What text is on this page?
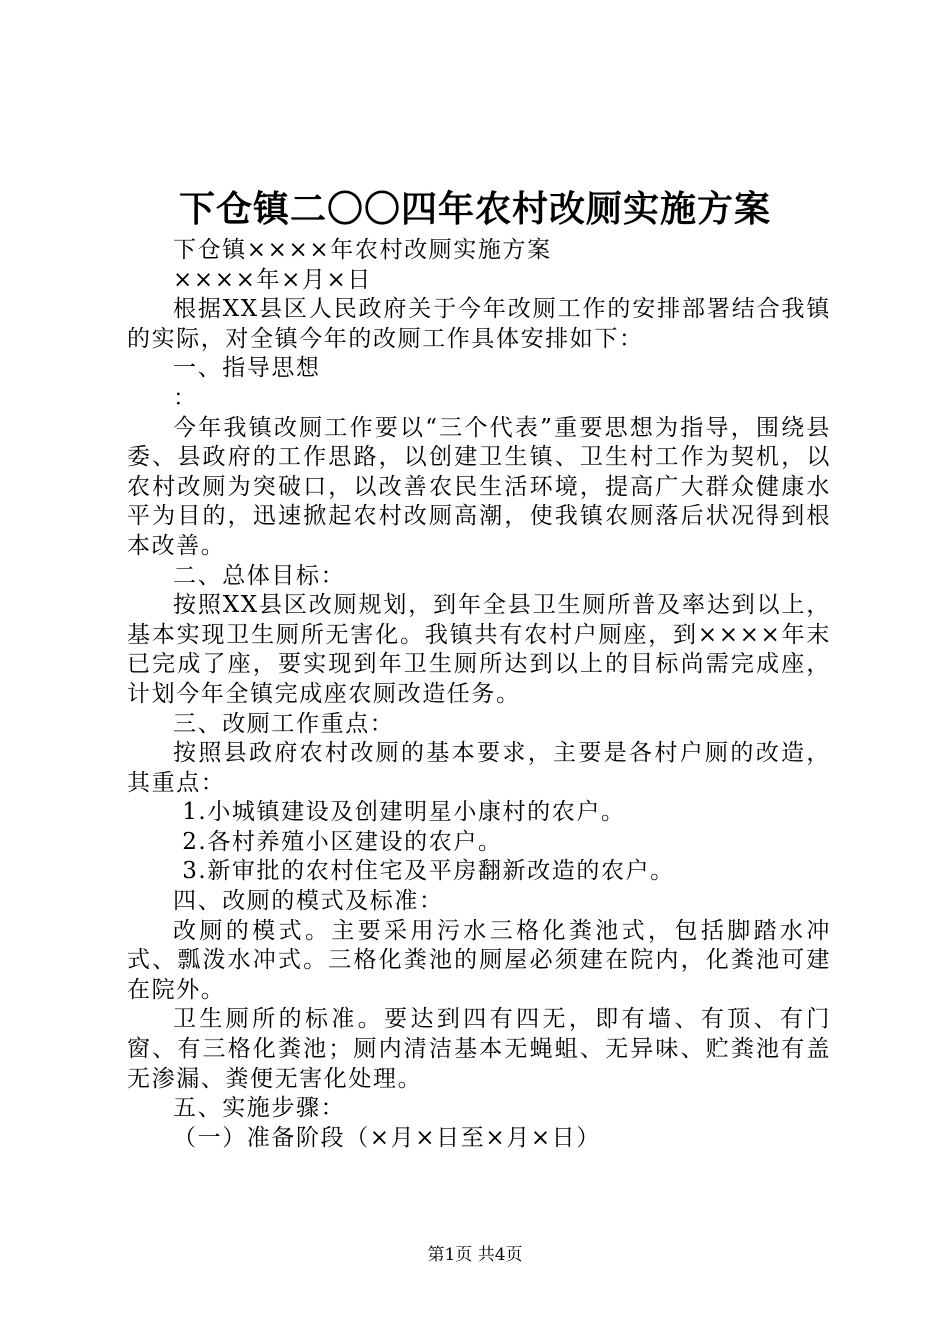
下仓镇二〇〇四年农村改厕实施方案

下仓镇××××年农村改厕实施方案

××××年×月×日

根据XX县区人民政府关于今年改厕工作的安排部署结合我镇的实际，对全镇今年的改厕工作具体安排如下：

一、指导思想

：

今年我镇改厕工作要以“三个代表”重要思想为指导，围绕县委、县政府的工作思路，以创建卫生镇、卫生村工作为契机，以农村改厕为突破口，以改善农民生活环境，提高广大群众健康水平为目的，迅速掀起农村改厕高潮，使我镇农厕落后状况得到根本改善。

二、总体目标：

按照XX县区改厕规划，到年全县卫生厕所普及率达到以上，基本实现卫生厕所无害化。我镇共有农村户厕座，到××××年末已完成了座，要实现到年卫生厕所达到以上的目标尚需完成座，计划今年全镇完成座农厕改造任务。

三、改厕工作重点：

按照县政府农村改厕的基本要求，主要是各村户厕的改造，其重点：

1.小城镇建设及创建明星小康村的农户。

2.各村养殖小区建设的农户。

3.新审批的农村住宅及平房翻新改造的农户。

四、改厕的模式及标准：

改厕的模式。主要采用污水三格化粪池式，包括脚踏水冲式、瓢泼水冲式。三格化粪池的厕屋必须建在院内，化粪池可建在院外。

卫生厕所的标准。要达到四有四无，即有墙、有顶、有门窗、有三格化粪池；厕内清洁基本无蝇蛆、无异味、贮粪池有盖无渗漏、粪便无害化处理。

五、实施步骤：

（一）准备阶段（×月×日至×月×日）

第1页 共4页
